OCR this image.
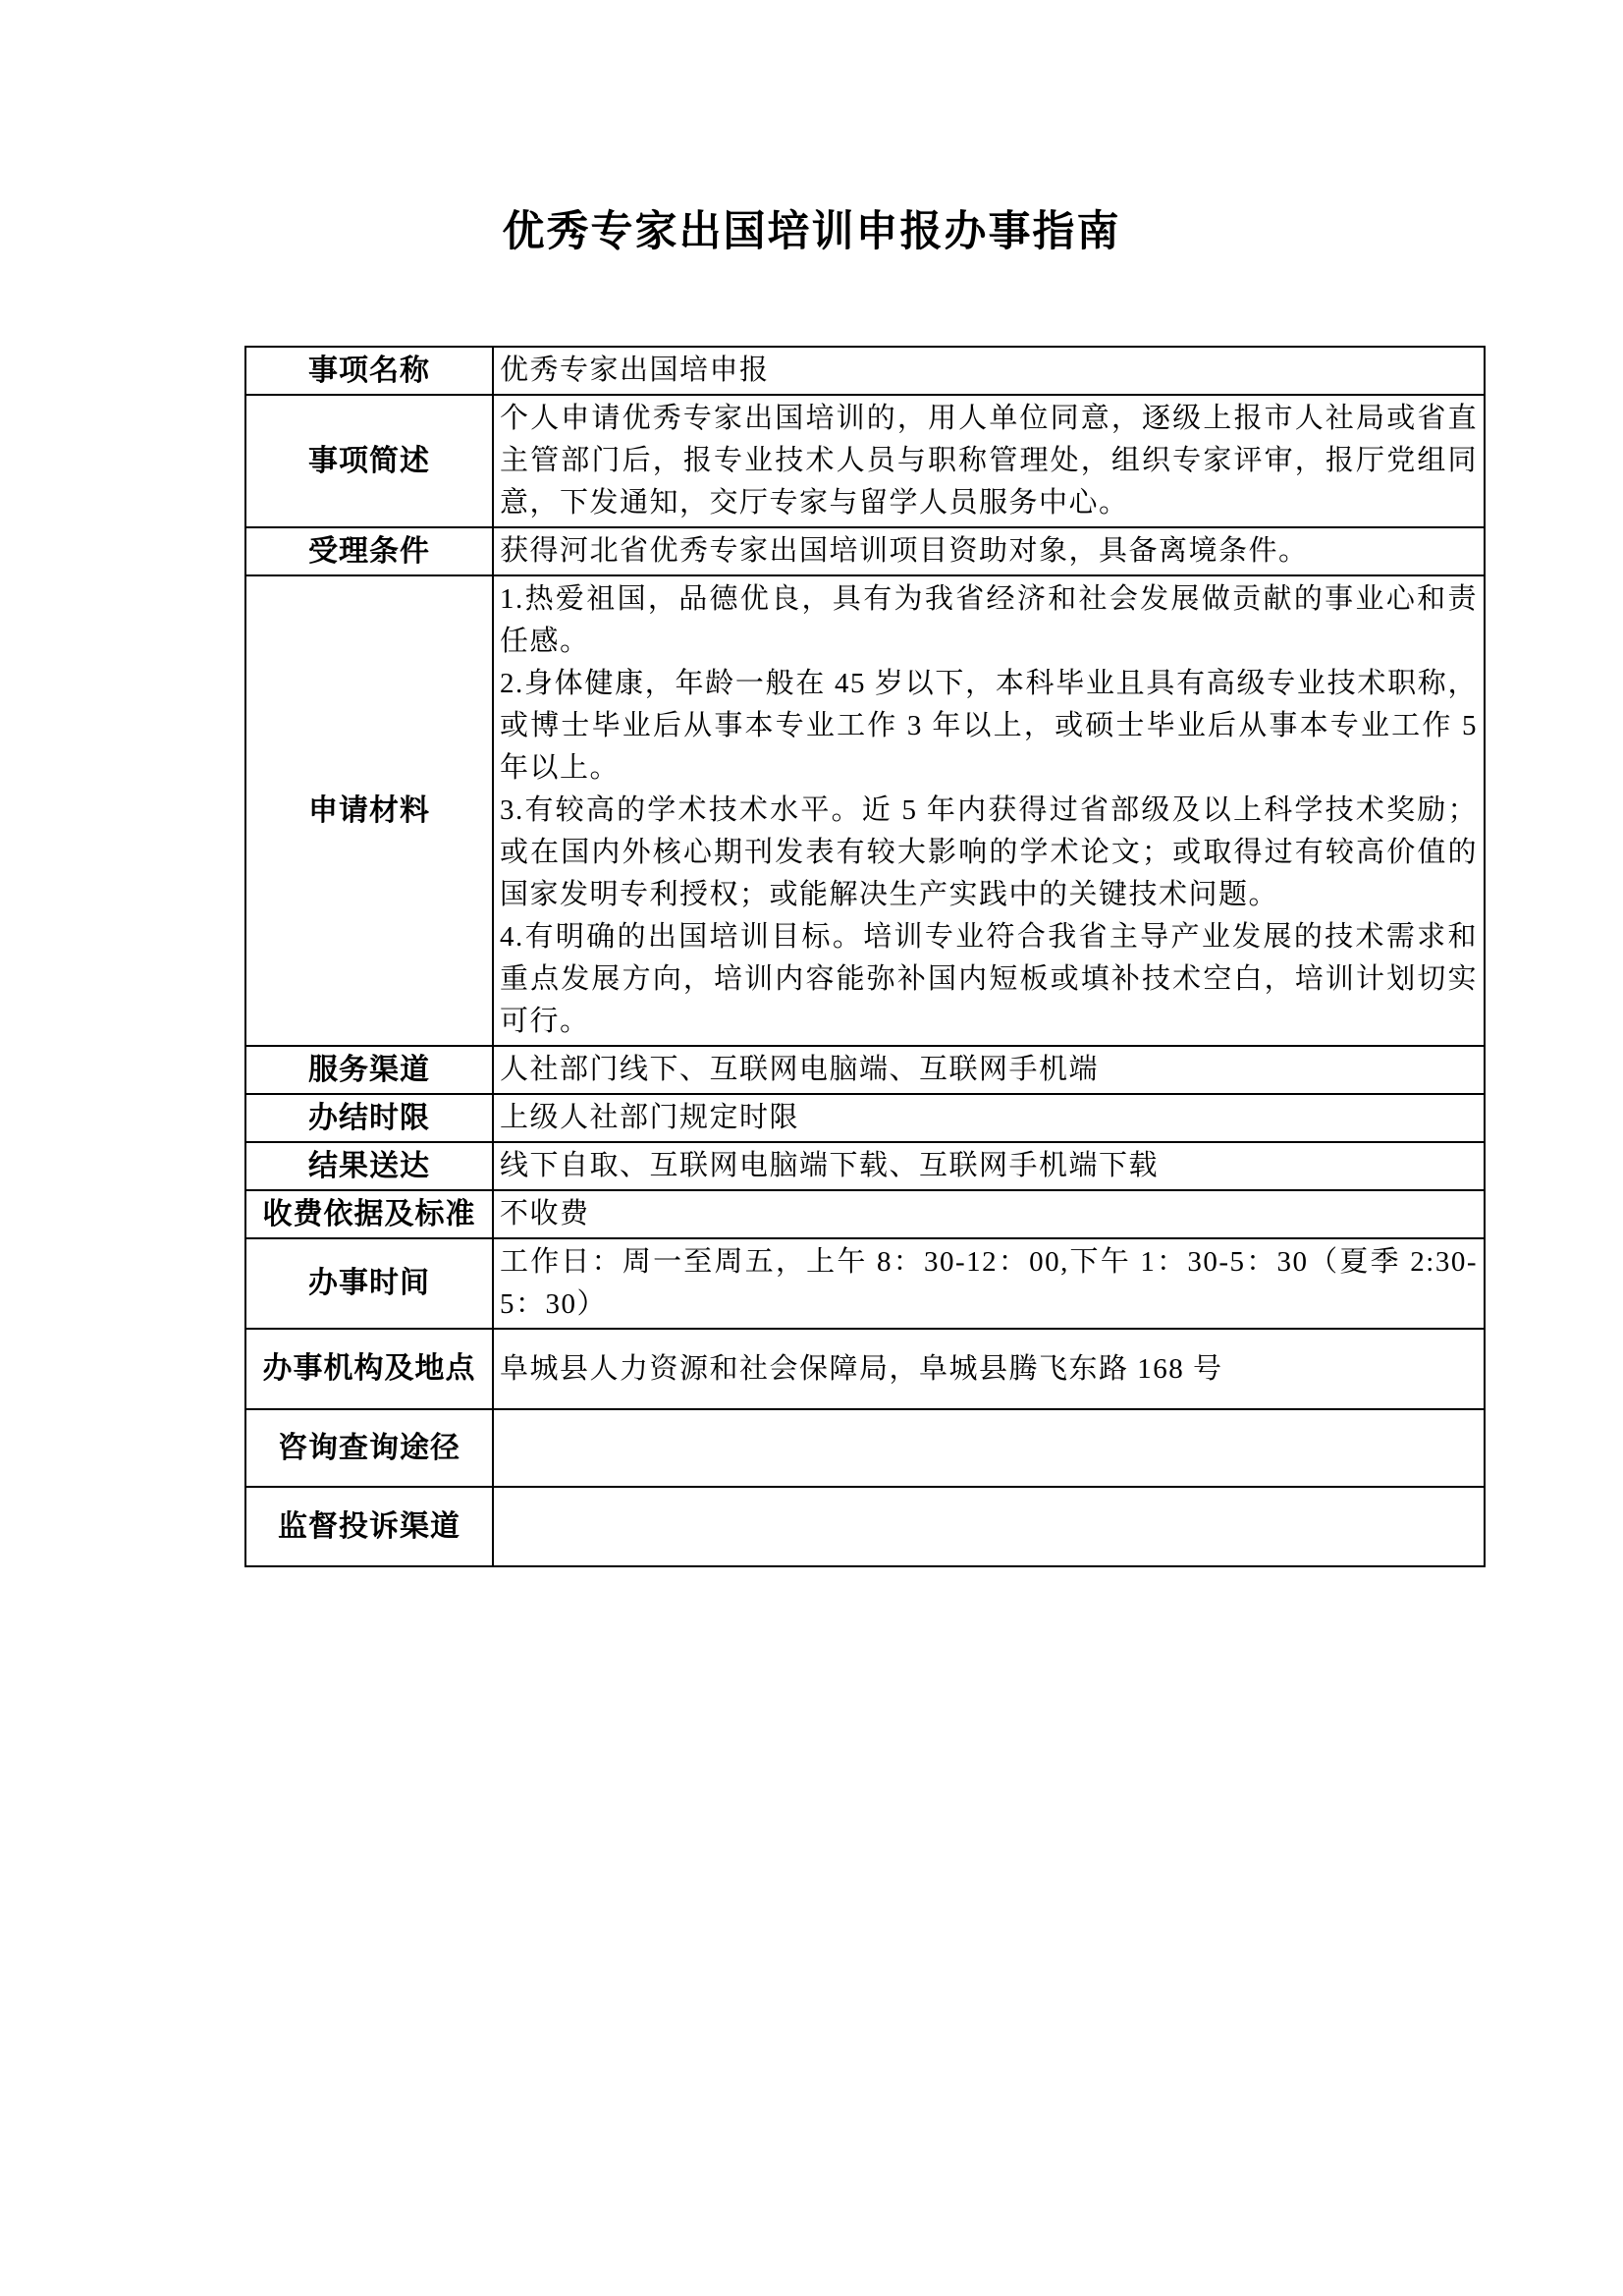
优秀专家出国培训申报办事指南
事项名称	优秀专家出国培申报
事项简述	个人申请优秀专家出国培训的，用人单位同意，逐级上报市人社局或省直主管部门后，报专业技术人员与职称管理处，组织专家评审，报厅党组同意，下发通知，交厅专家与留学人员服务中心。
受理条件	获得河北省优秀专家出国培训项目资助对象，具备离境条件。
申请材料	1.热爱祖国，品德优良，具有为我省经济和社会发展做贡献的事业心和责任感。
2.身体健康，年龄一般在 45 岁以下，本科毕业且具有高级专业技术职称，或博士毕业后从事本专业工作 3 年以上，或硕士毕业后从事本专业工作 5 年以上。
3.有较高的学术技术水平。近 5 年内获得过省部级及以上科学技术奖励；或在国内外核心期刊发表有较大影响的学术论文；或取得过有较高价值的国家发明专利授权；或能解决生产实践中的关键技术问题。
4.有明确的出国培训目标。培训专业符合我省主导产业发展的技术需求和重点发展方向，培训内容能弥补国内短板或填补技术空白，培训计划切实可行。

服务渠道	人社部门线下、互联网电脑端、互联网手机端
办结时限	上级人社部门规定时限
结果送达	线下自取、互联网电脑端下载、互联网手机端下载
收费依据及标准	不收费
办事时间	工作日：周一至周五，上午 8：30-12：00,下午 1：30-5：30（夏季 2:30-5：30）
办事机构及地点	阜城县人力资源和社会保障局，阜城县腾飞东路 168 号
咨询查询途径	
监督投诉渠道	
